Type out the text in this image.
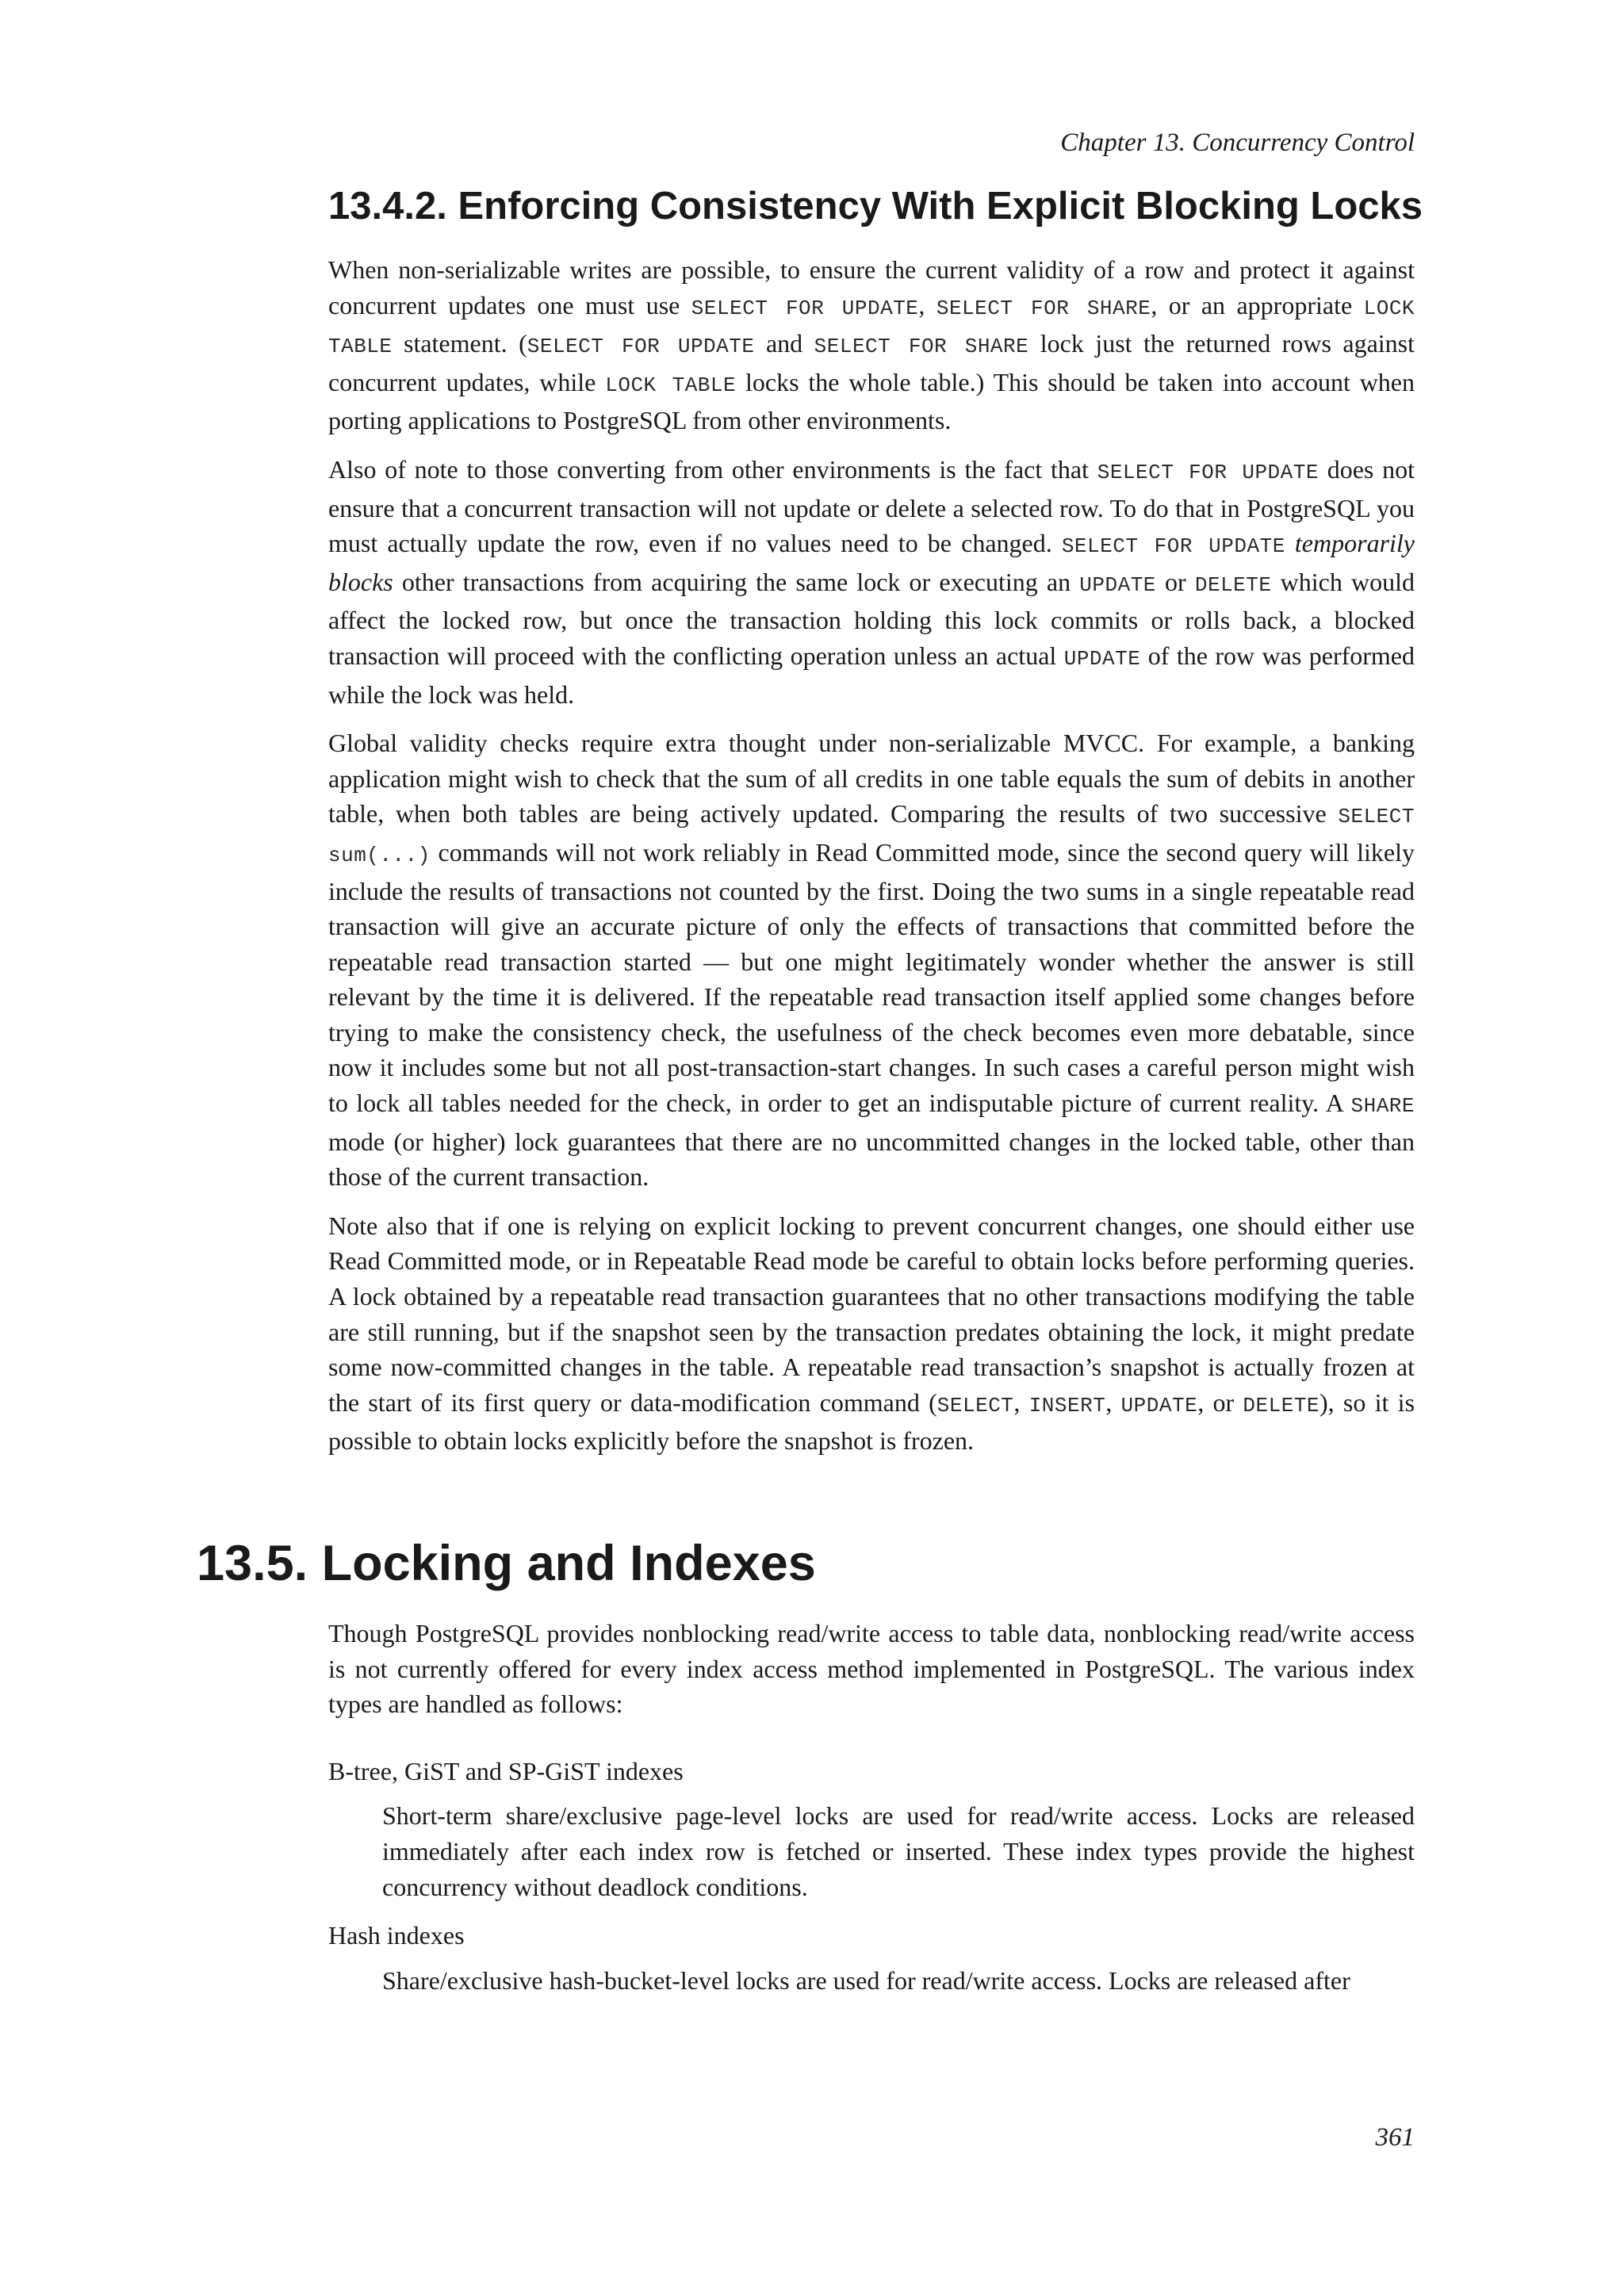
Chapter 13. Concurrency Control
13.4.2. Enforcing Consistency With Explicit Blocking Locks

When non-serializable writes are possible, to ensure the current validity of a row and protect it against concurrent updates one must use SELECT FOR UPDATE, SELECT FOR SHARE, or an appropriate LOCK TABLE statement. (SELECT FOR UPDATE and SELECT FOR SHARE lock just the returned rows against concurrent updates, while LOCK TABLE locks the whole table.) This should be taken into account when porting applications to PostgreSQL from other environments.

Also of note to those converting from other environments is the fact that SELECT FOR UPDATE does not ensure that a concurrent transaction will not update or delete a selected row. To do that in PostgreSQL you must actually update the row, even if no values need to be changed. SELECT FOR UPDATE temporarily blocks other transactions from acquiring the same lock or executing an UPDATE or DELETE which would affect the locked row, but once the transaction holding this lock commits or rolls back, a blocked transaction will proceed with the conflicting operation unless an actual UPDATE of the row was performed while the lock was held.

Global validity checks require extra thought under non-serializable MVCC. For example, a banking application might wish to check that the sum of all credits in one table equals the sum of debits in another table, when both tables are being actively updated. Comparing the results of two successive SELECT sum(...) commands will not work reliably in Read Committed mode, since the second query will likely include the results of transactions not counted by the first. Doing the two sums in a single repeatable read transaction will give an accurate picture of only the effects of transactions that committed before the repeatable read transaction started — but one might legitimately wonder whether the answer is still relevant by the time it is delivered. If the repeatable read transaction itself applied some changes before trying to make the consistency check, the usefulness of the check becomes even more debatable, since now it includes some but not all post-transaction-start changes. In such cases a careful person might wish to lock all tables needed for the check, in order to get an indisputable picture of current reality. A SHARE mode (or higher) lock guarantees that there are no uncommitted changes in the locked table, other than those of the current transaction.

Note also that if one is relying on explicit locking to prevent concurrent changes, one should either use Read Committed mode, or in Repeatable Read mode be careful to obtain locks before performing queries. A lock obtained by a repeatable read transaction guarantees that no other transactions modifying the table are still running, but if the snapshot seen by the transaction predates obtaining the lock, it might predate some now-committed changes in the table. A repeatable read transaction’s snapshot is actually frozen at the start of its first query or data-modification command (SELECT, INSERT, UPDATE, or DELETE), so it is possible to obtain locks explicitly before the snapshot is frozen.

13.5. Locking and Indexes

Though PostgreSQL provides nonblocking read/write access to table data, nonblocking read/write access is not currently offered for every index access method implemented in PostgreSQL. The various index types are handled as follows:

B-tree, GiST and SP-GiST indexes

Short-term share/exclusive page-level locks are used for read/write access. Locks are released immediately after each index row is fetched or inserted. These index types provide the highest concurrency without deadlock conditions.

Hash indexes

Share/exclusive hash-bucket-level locks are used for read/write access. Locks are released after

361
